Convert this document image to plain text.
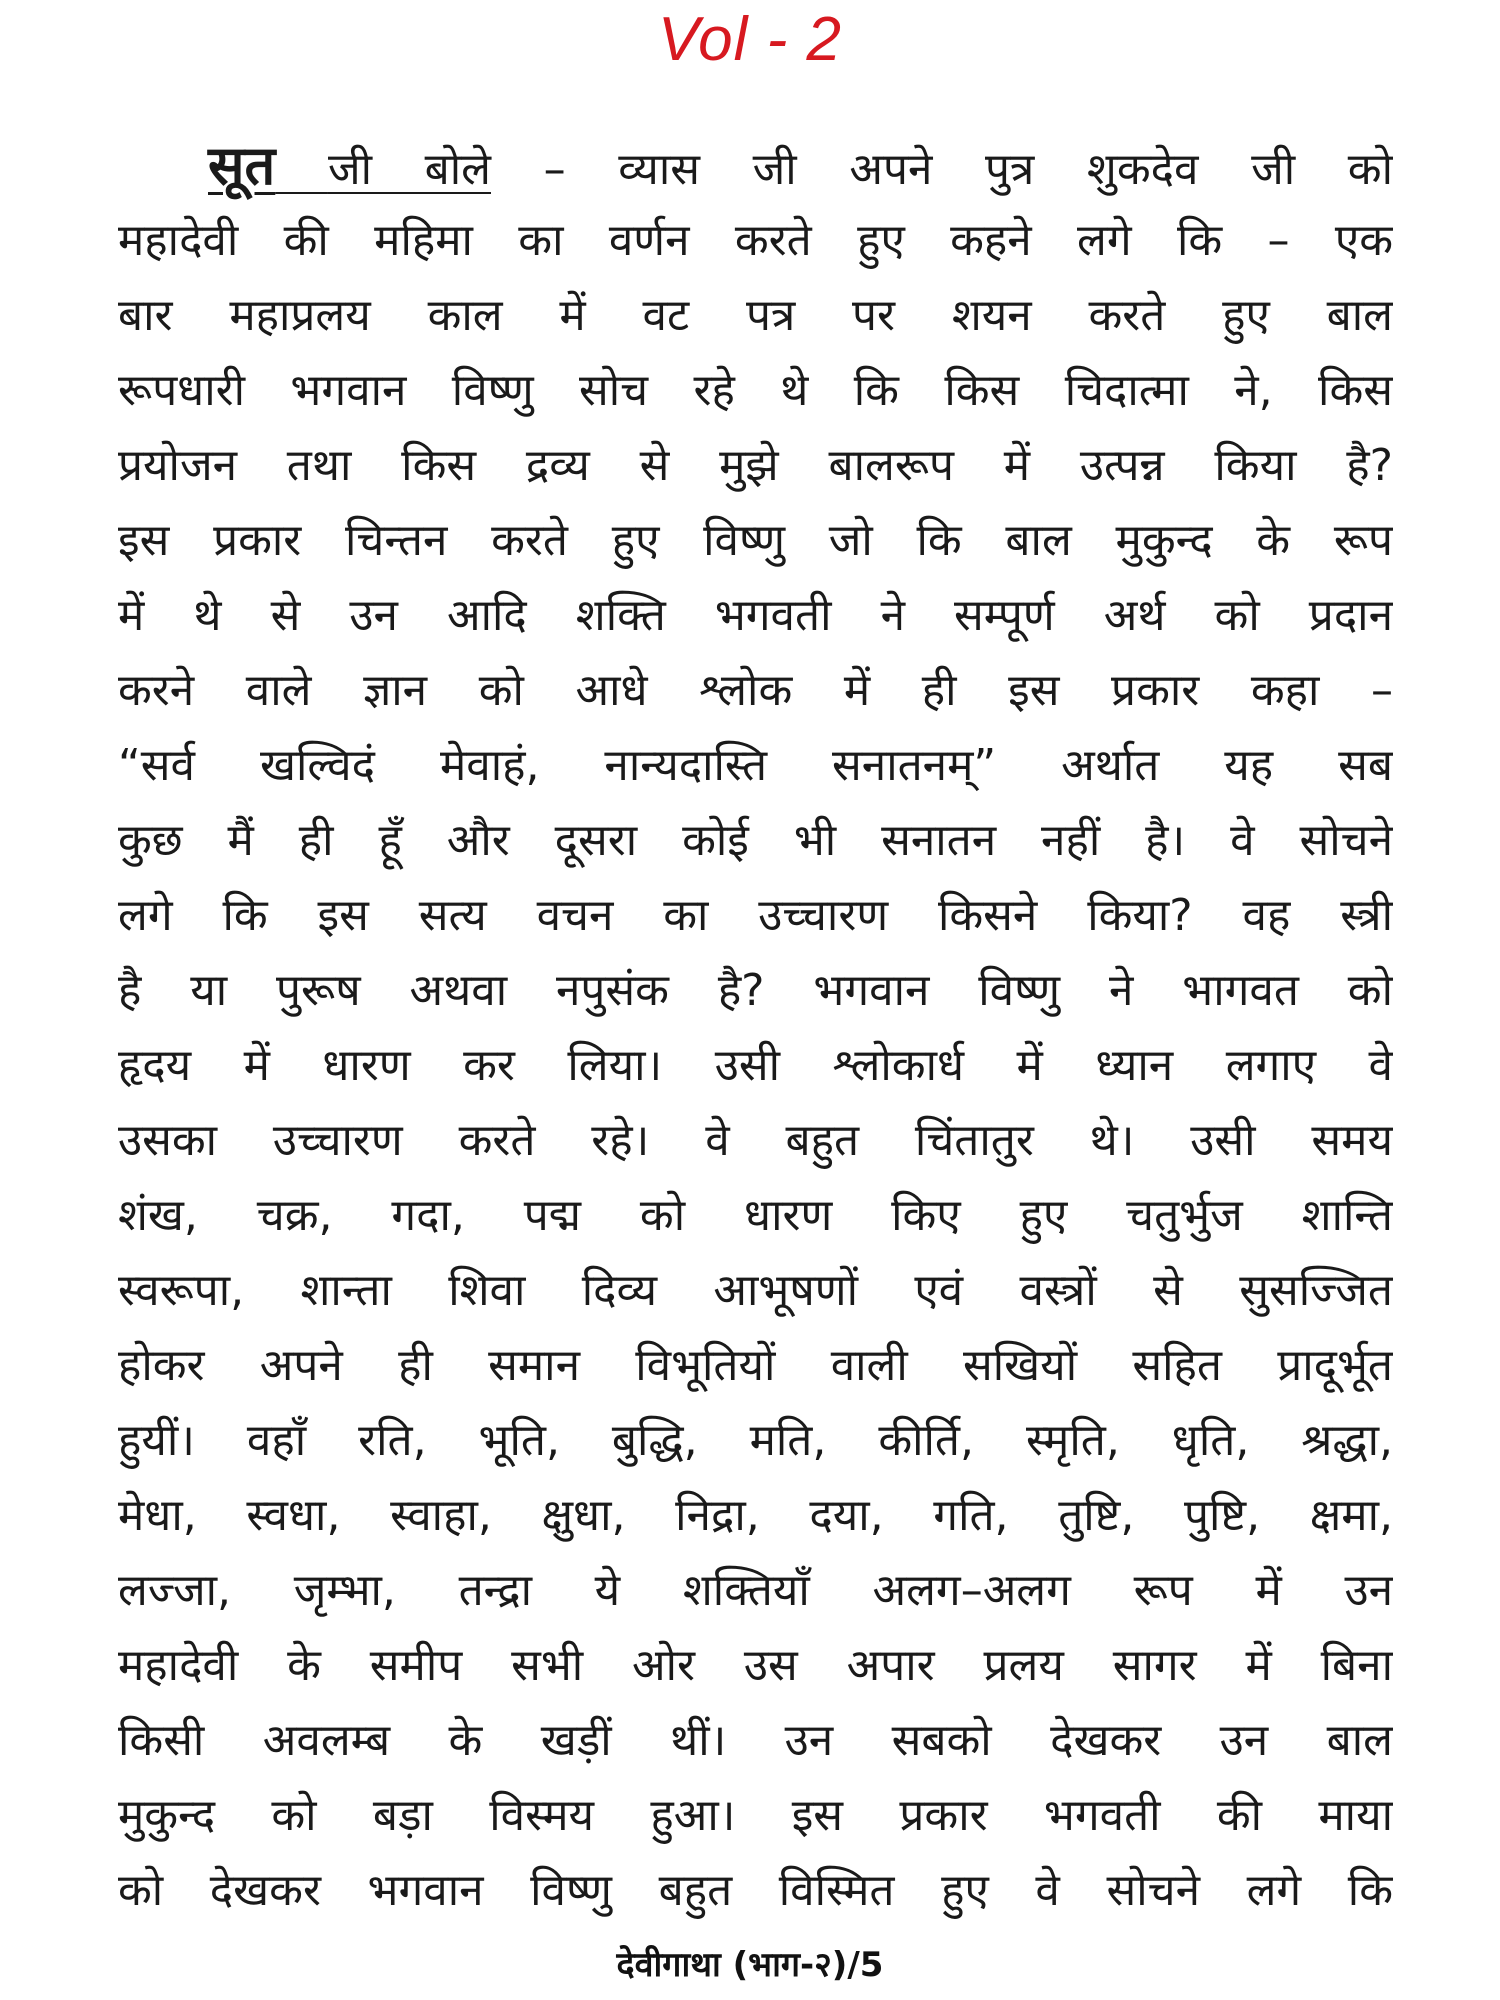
Vol - 2
सूत जी बोले – व्यास जी अपने पुत्र शुकदेव जी को
महादेवी की महिमा का वर्णन करते हुए कहने लगे कि – एक
बार महाप्रलय काल में वट पत्र पर शयन करते हुए बाल
रूपधारी भगवान विष्णु सोच रहे थे कि किस चिदात्मा ने, किस
प्रयोजन तथा किस द्रव्य से मुझे बालरूप में उत्पन्न किया है?
इस प्रकार चिन्तन करते हुए विष्णु जो कि बाल मुकुन्द के रूप
में थे से उन आदि शक्ति भगवती ने सम्पूर्ण अर्थ को प्रदान
करने वाले ज्ञान को आधे श्लोक में ही इस प्रकार कहा –
“सर्व खल्विदं मेवाहं, नान्यदास्ति सनातनम्” अर्थात यह सब
कुछ मैं ही हूँ और दूसरा कोई भी सनातन नहीं है। वे सोचने
लगे कि इस सत्य वचन का उच्चारण किसने किया? वह स्त्री
है या पुरूष अथवा नपुसंक है? भगवान विष्णु ने भागवत को
हृदय में धारण कर लिया। उसी श्लोकार्ध में ध्यान लगाए वे
उसका उच्चारण करते रहे। वे बहुत चिंतातुर थे। उसी समय
शंख, चक्र, गदा, पद्म को धारण किए हुए चतुर्भुज शान्ति
स्वरूपा, शान्ता शिवा दिव्य आभूषणों एवं वस्त्रों से सुसज्जित
होकर अपने ही समान विभूतियों वाली सखियों सहित प्रादूर्भूत
हुयीं। वहाँ रति, भूति, बुद्धि, मति, कीर्ति, स्मृति, धृति, श्रद्धा,
मेधा, स्वधा, स्वाहा, क्षुधा, निद्रा, दया, गति, तुष्टि, पुष्टि, क्षमा,
लज्जा, जृम्भा, तन्द्रा ये शक्तियाँ अलग–अलग रूप में उन
महादेवी के समीप सभी ओर उस अपार प्रलय सागर में बिना
किसी अवलम्ब के खड़ीं थीं। उन सबको देखकर उन बाल
मुकुन्द को बड़ा विस्मय हुआ। इस प्रकार भगवती की माया
को देखकर भगवान विष्णु बहुत विस्मित हुए वे सोचने लगे कि
देवीगाथा (भाग-२)/5
